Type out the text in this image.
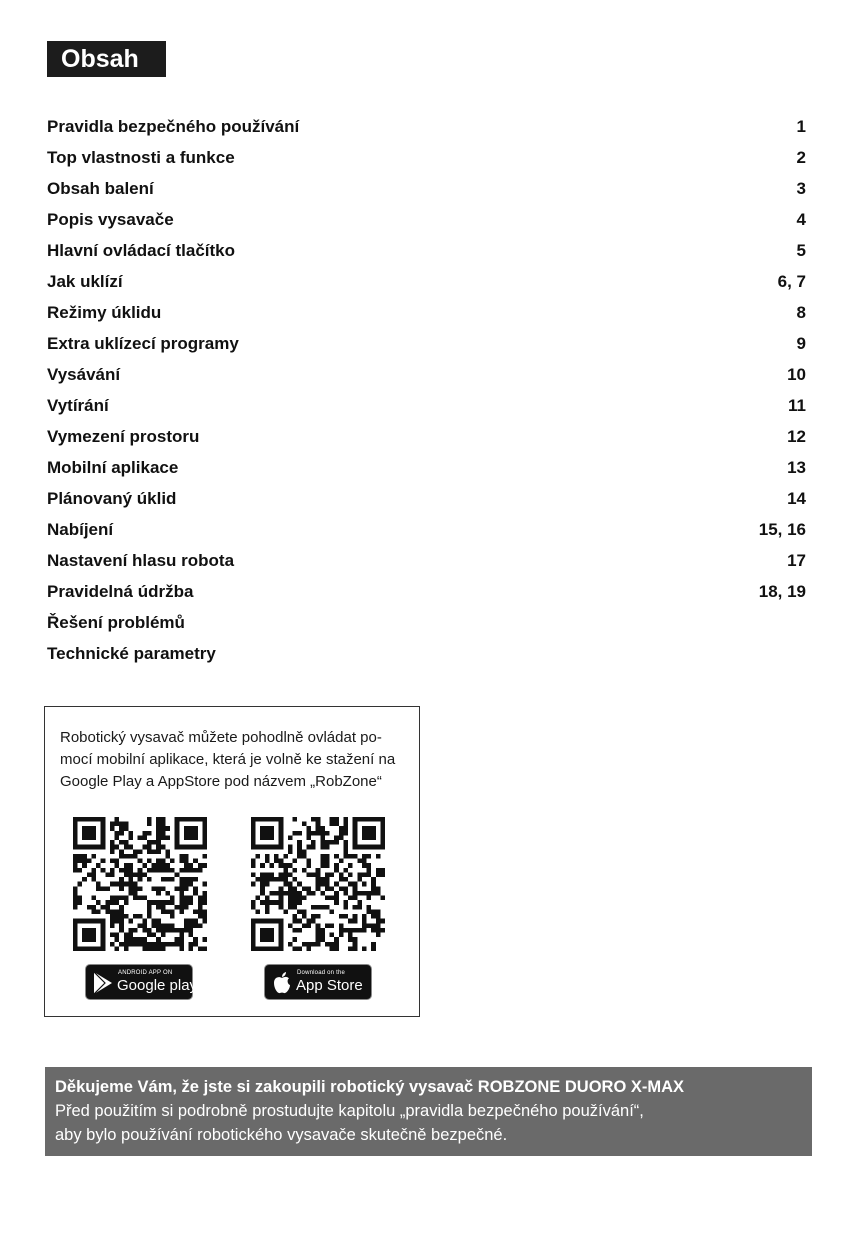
Obsah
Pravidla bezpečného používání	1
Top vlastnosti a funkce	2
Obsah balení	3
Popis vysavače	4
Hlavní ovládací tlačítko	5
Jak uklízí	6, 7
Režimy úklidu	8
Extra uklízecí programy	9
Vysávání	10
Vytírání	11
Vymezení prostoru	12
Mobilní aplikace	13
Plánovaný úklid	14
Nabíjení	15, 16
Nastavení hlasu robota	17
Pravidelná údržba	18, 19
Řešení problémů
Technické parametry
Robotický vysavač můžete pohodlně ovládat po-
mocí mobilní aplikace, která je volně ke stažení na
Google Play a AppStore pod názvem „RobZone“
ANDROID APP ON
Google play
Download on the
App Store
Děkujeme Vám, že jste si zakoupili robotický vysavač ROBZONE DUORO X-MAX
Před použitím si podrobně prostudujte kapitolu „pravidla bezpečného používání“,
aby bylo používání robotického vysavače skutečně bezpečné.
